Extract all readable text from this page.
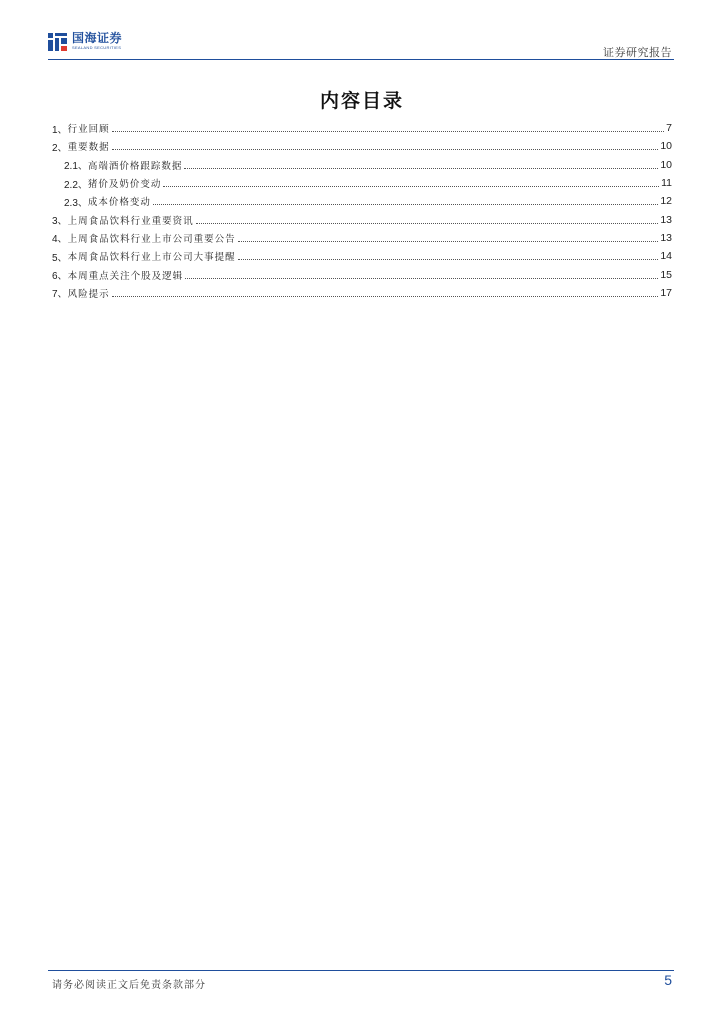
国海证券
SEALAND SECURITIES	证券研究报告
内容目录
1、 行业回顾	7
2、 重要数据	10
2.1、 高端酒价格跟踪数据	10
2.2、 猪价及奶价变动	11
2.3、 成本价格变动	12
3、 上周食品饮料行业重要资讯	13
4、 上周食品饮料行业上市公司重要公告	13
5、 本周食品饮料行业上市公司大事提醒	14
6、 本周重点关注个股及逻辑	15
7、 风险提示	17
请务必阅读正文后免责条款部分	5
